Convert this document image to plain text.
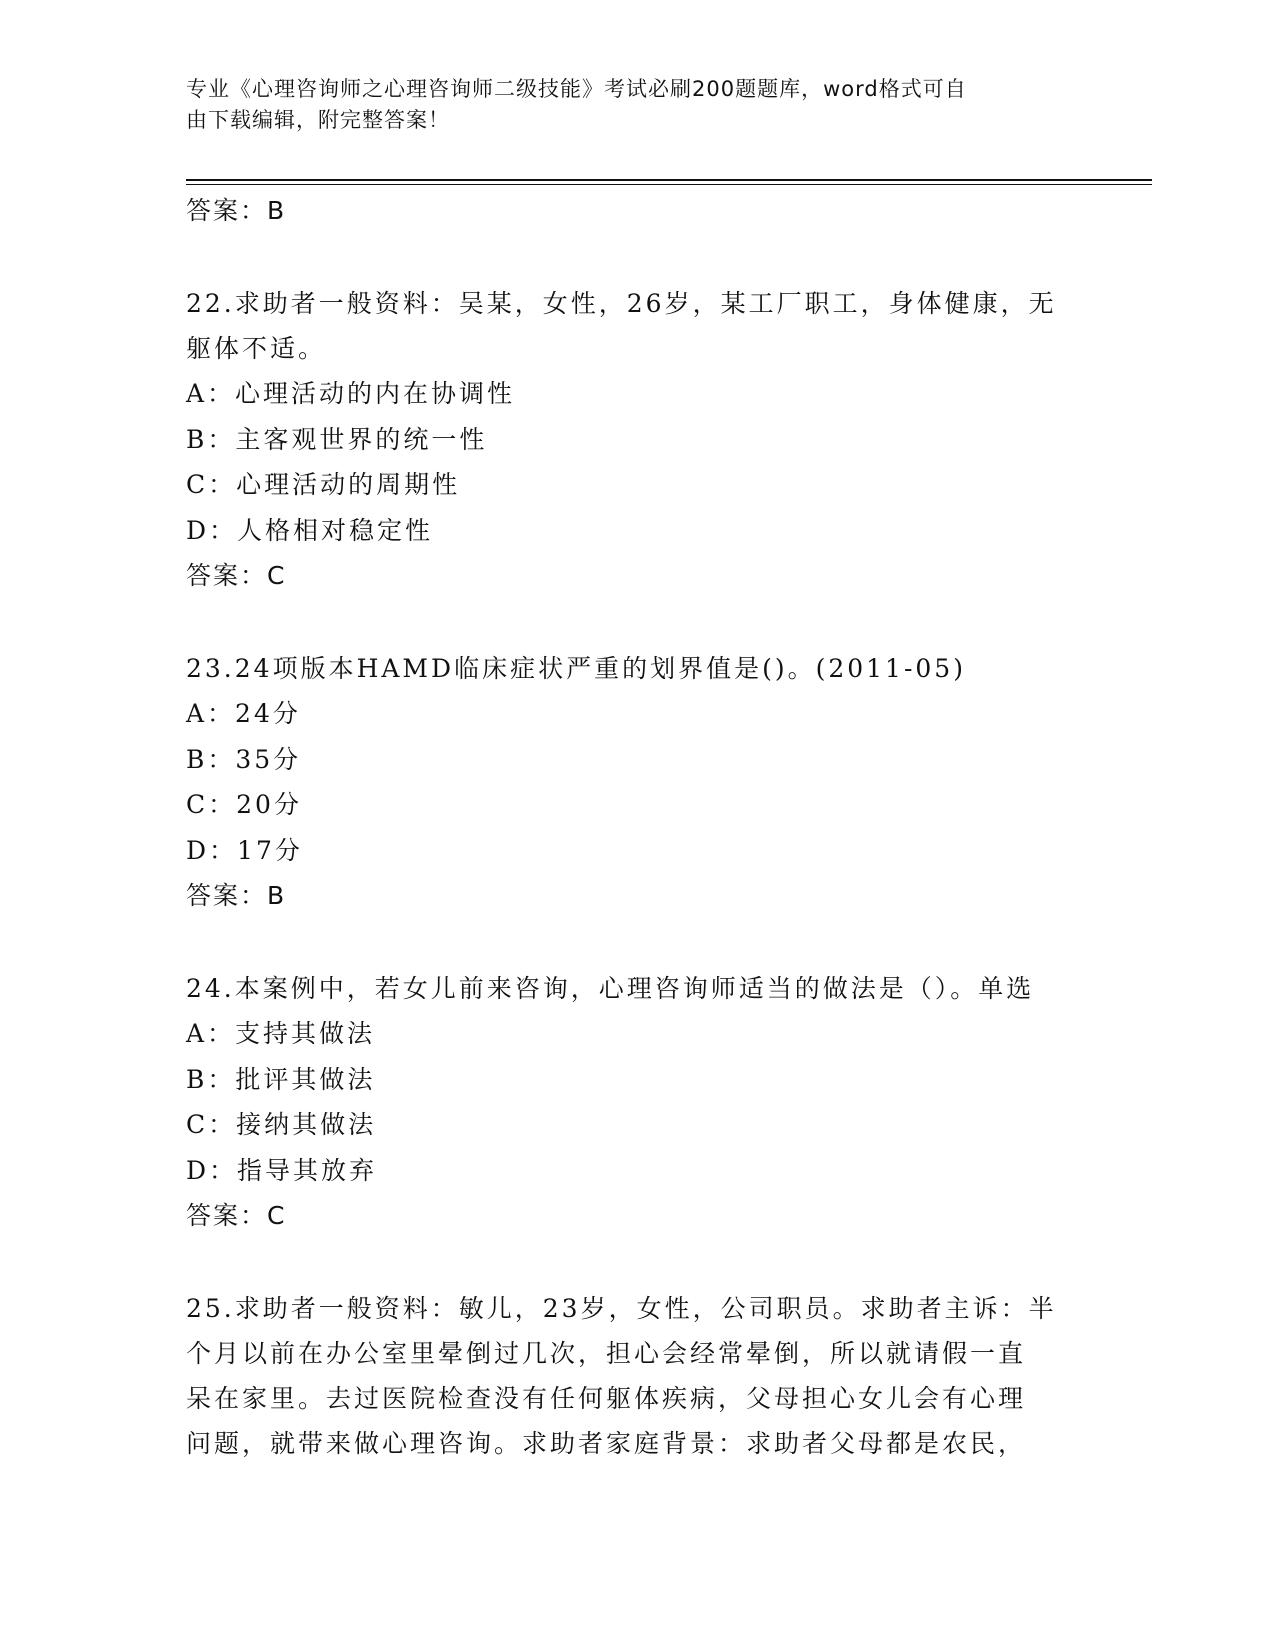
专业《心理咨询师之心理咨询师二级技能》考试必刷200题题库，word格式可自
由下载编辑，附完整答案！

答案：B

22.求助者一般资料：吴某，女性，26岁，某工厂职工，身体健康，无

躯体不适。

A：心理活动的内在协调性

B：主客观世界的统一性

C：心理活动的周期性

D：人格相对稳定性

答案：C

23.24项版本HAMD临床症状严重的划界值是()。(2011-05)

A：24分

B：35分

C：20分

D：17分

答案：B

24.本案例中，若女儿前来咨询，心理咨询师适当的做法是（）。单选

A：支持其做法

B：批评其做法

C：接纳其做法

D：指导其放弃

答案：C

25.求助者一般资料：敏儿，23岁，女性，公司职员。求助者主诉：半

个月以前在办公室里晕倒过几次，担心会经常晕倒，所以就请假一直

呆在家里。去过医院检查没有任何躯体疾病，父母担心女儿会有心理

问题，就带来做心理咨询。求助者家庭背景：求助者父母都是农民，
